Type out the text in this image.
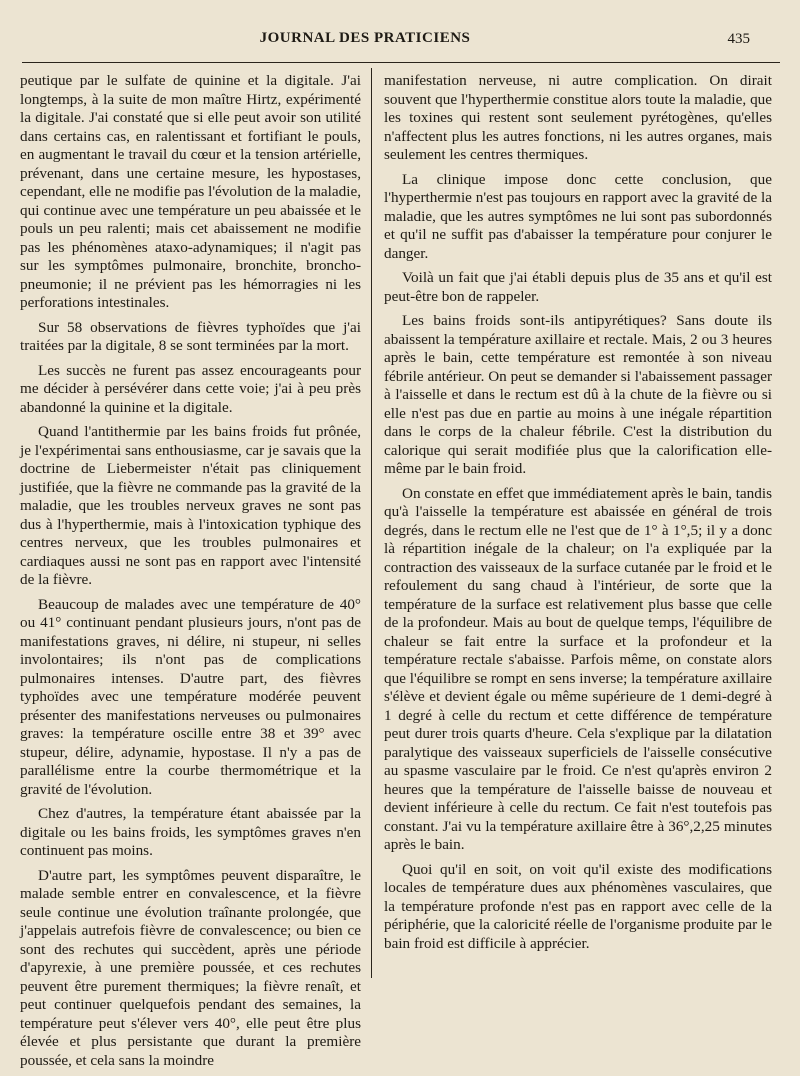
JOURNAL DES PRATICIENS	435

peutique par le sulfate de quinine et la digitale. J'ai longtemps, à la suite de mon maître Hirtz, expérimenté la digitale. J'ai constaté que si elle peut avoir son utilité dans certains cas, en ralentissant et fortifiant le pouls, en augmentant le travail du cœur et la tension artérielle, prévenant, dans une certaine mesure, les hypostases, cependant, elle ne modifie pas l'évolution de la maladie, qui continue avec une température un peu abaissée et le pouls un peu ralenti; mais cet abaissement ne modifie pas les phénomènes ataxo-adynamiques; il n'agit pas sur les symptômes pulmonaire, bronchite, broncho-pneumonie; il ne prévient pas les hémorragies ni les perforations intestinales.

Sur 58 observations de fièvres typhoïdes que j'ai traitées par la digitale, 8 se sont terminées par la mort.

Les succès ne furent pas assez encourageants pour me décider à persévérer dans cette voie; j'ai à peu près abandonné la quinine et la digitale.

Quand l'antithermie par les bains froids fut prônée, je l'expérimentai sans enthousiasme, car je savais que la doctrine de Liebermeister n'était pas cliniquement justifiée, que la fièvre ne commande pas la gravité de la maladie, que les troubles nerveux graves ne sont pas dus à l'hyperthermie, mais à l'intoxication typhique des centres nerveux, que les troubles pulmonaires et cardiaques aussi ne sont pas en rapport avec l'intensité de la fièvre.

Beaucoup de malades avec une température de 40° ou 41° continuant pendant plusieurs jours, n'ont pas de manifestations graves, ni délire, ni stupeur, ni selles involontaires; ils n'ont pas de complications pulmonaires intenses. D'autre part, des fièvres typhoïdes avec une température modérée peuvent présenter des manifestations nerveuses ou pulmonaires graves: la température oscille entre 38 et 39° avec stupeur, délire, adynamie, hypostase. Il n'y a pas de parallélisme entre la courbe thermométrique et la gravité de l'évolution.

Chez d'autres, la température étant abaissée par la digitale ou les bains froids, les symptômes graves n'en continuent pas moins.

D'autre part, les symptômes peuvent disparaître, le malade semble entrer en convalescence, et la fièvre seule continue une évolution traînante prolongée, que j'appelais autrefois fièvre de convalescence; ou bien ce sont des rechutes qui succèdent, après une période d'apyrexie, à une première poussée, et ces rechutes peuvent être purement thermiques; la fièvre renaît, et peut continuer quelquefois pendant des semaines, la température peut s'élever vers 40°, elle peut être plus élevée et plus persistante que durant la première poussée, et cela sans la moindre

manifestation nerveuse, ni autre complication. On dirait souvent que l'hyperthermie constitue alors toute la maladie, que les toxines qui restent sont seulement pyrétogènes, qu'elles n'affectent plus les autres fonctions, ni les autres organes, mais seulement les centres thermiques.

La clinique impose donc cette conclusion, que l'hyperthermie n'est pas toujours en rapport avec la gravité de la maladie, que les autres symptômes ne lui sont pas subordonnés et qu'il ne suffit pas d'abaisser la température pour conjurer le danger.

Voilà un fait que j'ai établi depuis plus de 35 ans et qu'il est peut-être bon de rappeler.

Les bains froids sont-ils antipyrétiques? Sans doute ils abaissent la température axillaire et rectale. Mais, 2 ou 3 heures après le bain, cette température est remontée à son niveau fébrile antérieur. On peut se demander si l'abaissement passager à l'aisselle et dans le rectum est dû à la chute de la fièvre ou si elle n'est pas due en partie au moins à une inégale répartition dans le corps de la chaleur fébrile. C'est la distribution du calorique qui serait modifiée plus que la calorification elle-même par le bain froid.

On constate en effet que immédiatement après le bain, tandis qu'à l'aisselle la température est abaissée en général de trois degrés, dans le rectum elle ne l'est que de 1° à 1°,5; il y a donc là répartition inégale de la chaleur; on l'a expliquée par la contraction des vaisseaux de la surface cutanée par le froid et le refoulement du sang chaud à l'intérieur, de sorte que la température de la surface est relativement plus basse que celle de la profondeur. Mais au bout de quelque temps, l'équilibre de chaleur se fait entre la surface et la profondeur et la température rectale s'abaisse. Parfois même, on constate alors que l'équilibre se rompt en sens inverse; la température axillaire s'élève et devient égale ou même supérieure de 1 demi-degré à 1 degré à celle du rectum et cette différence de température peut durer trois quarts d'heure. Cela s'explique par la dilatation paralytique des vaisseaux superficiels de l'aisselle consécutive au spasme vasculaire par le froid. Ce n'est qu'après environ 2 heures que la température de l'aisselle baisse de nouveau et devient inférieure à celle du rectum. Ce fait n'est toutefois pas constant. J'ai vu la température axillaire être à 36°,2,25 minutes après le bain.

Quoi qu'il en soit, on voit qu'il existe des modifications locales de température dues aux phénomènes vasculaires, que la température profonde n'est pas en rapport avec celle de la périphérie, que la caloricité réelle de l'organisme produite par le bain froid est difficile à apprécier.
